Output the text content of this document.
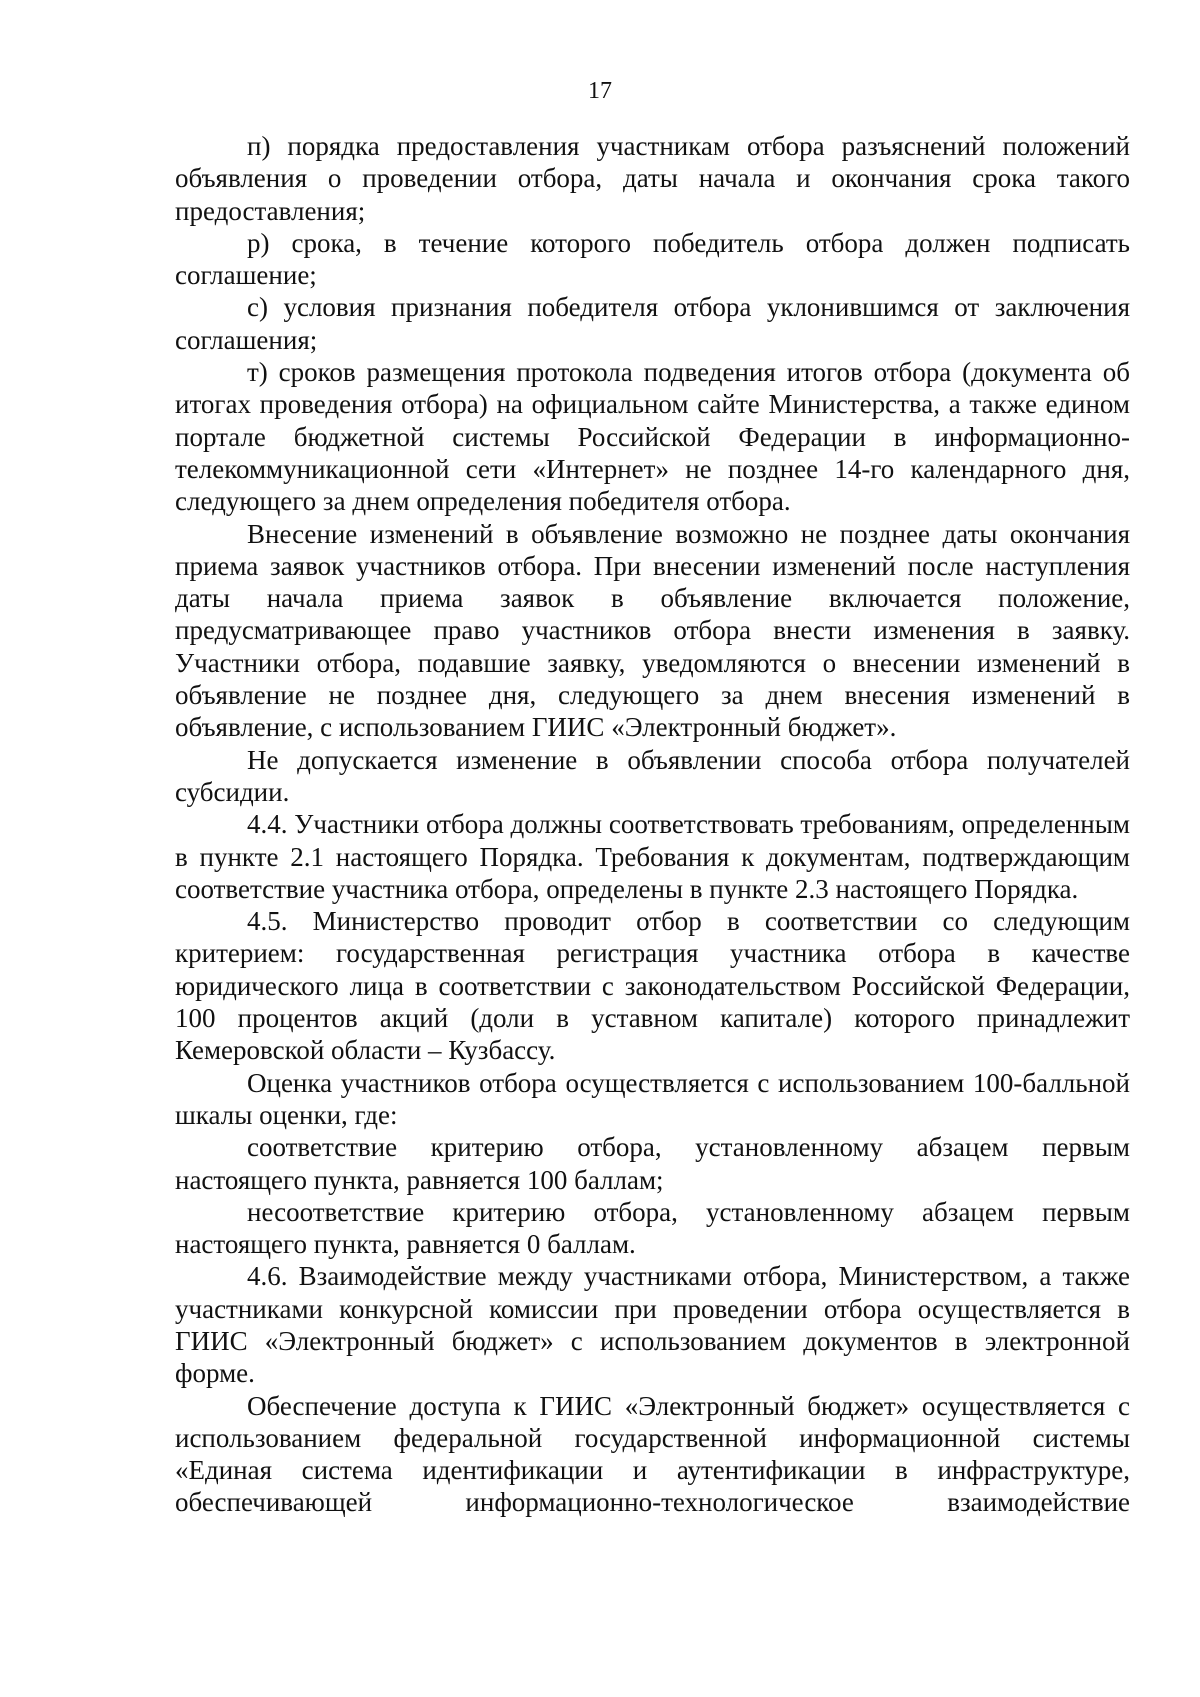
17

п) порядка предоставления участникам отбора разъяснений положений объявления о проведении отбора, даты начала и окончания срока такого предоставления;

р) срока, в течение которого победитель отбора должен подписать соглашение;

с) условия признания победителя отбора уклонившимся от заключения соглашения;

т) сроков размещения протокола подведения итогов отбора (документа об итогах проведения отбора) на официальном сайте Министерства, а также едином портале бюджетной системы Российской Федерации в информационно-телекоммуникационной сети «Интернет» не позднее 14-го календарного дня, следующего за днем определения победителя отбора.

Внесение изменений в объявление возможно не позднее даты окончания приема заявок участников отбора. При внесении изменений после наступления даты начала приема заявок в объявление включается положение, предусматривающее право участников отбора внести изменения в заявку. Участники отбора, подавшие заявку, уведомляются о внесении изменений в объявление не позднее дня, следующего за днем внесения изменений в объявление, с использованием ГИИС «Электронный бюджет».

Не допускается изменение в объявлении способа отбора получателей субсидии.

4.4. Участники отбора должны соответствовать требованиям, определенным в пункте 2.1 настоящего Порядка. Требования к документам, подтверждающим соответствие участника отбора, определены в пункте 2.3 настоящего Порядка.

4.5. Министерство проводит отбор в соответствии со следующим критерием: государственная регистрация участника отбора в качестве юридического лица в соответствии с законодательством Российской Федерации, 100 процентов акций (доли в уставном капитале) которого принадлежит Кемеровской области – Кузбассу.

Оценка участников отбора осуществляется с использованием 100-балльной шкалы оценки, где:

соответствие критерию отбора, установленному абзацем первым настоящего пункта, равняется 100 баллам;

несоответствие критерию отбора, установленному абзацем первым настоящего пункта, равняется 0 баллам.

4.6. Взаимодействие между участниками отбора, Министерством, а также участниками конкурсной комиссии при проведении отбора осуществляется в ГИИС «Электронный бюджет» с использованием документов в электронной форме.

Обеспечение доступа к ГИИС «Электронный бюджет» осуществляется с использованием федеральной государственной информационной системы «Единая система идентификации и аутентификации в инфраструктуре, обеспечивающей информационно-технологическое взаимодействие
